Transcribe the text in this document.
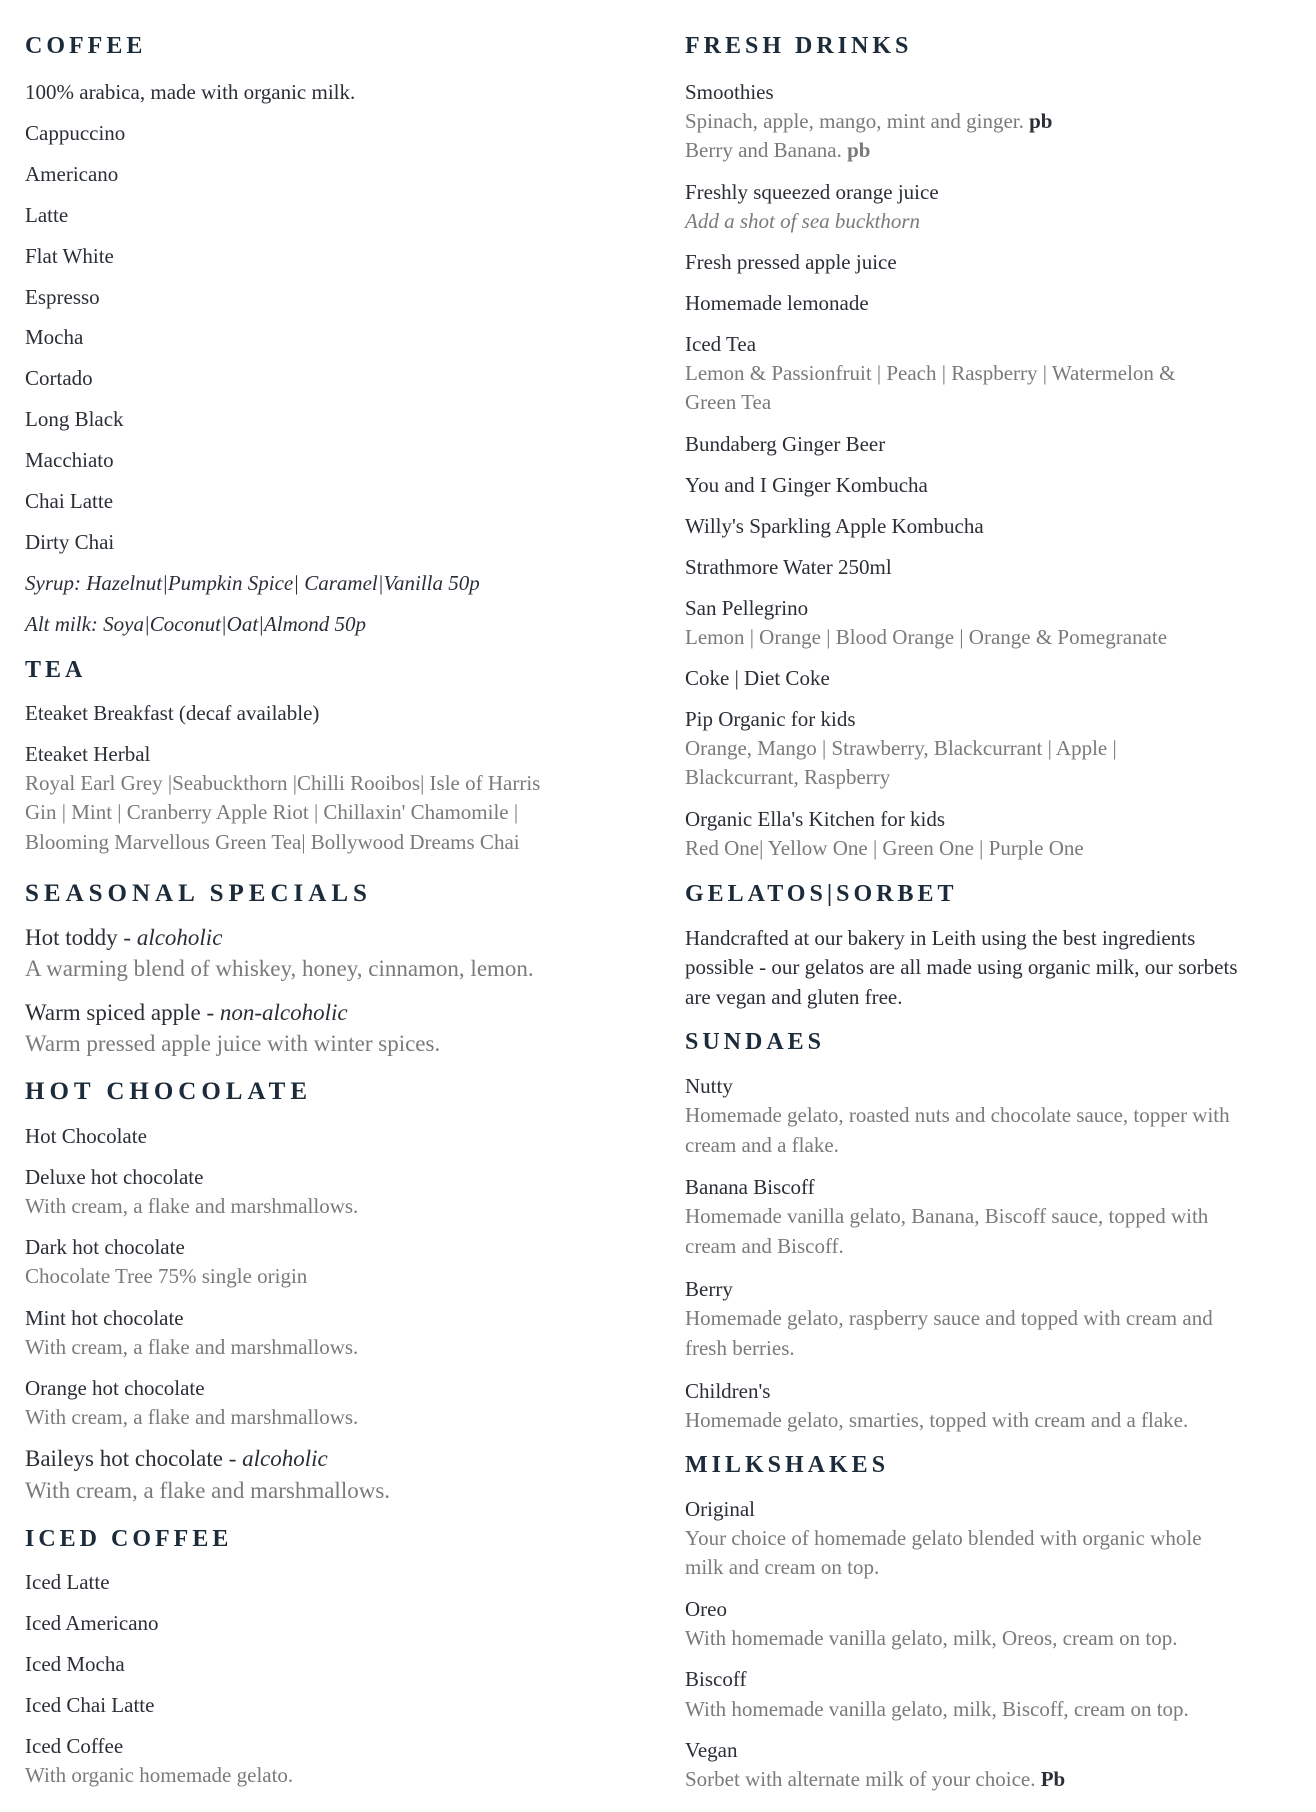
COFFEE
100% arabica, made with organic milk.
Cappuccino
Americano
Latte
Flat White
Espresso
Mocha
Cortado
Long Black
Macchiato
Chai Latte
Dirty Chai
Syrup: Hazelnut|Pumpkin Spice| Caramel|Vanilla 50p
Alt milk: Soya|Coconut|Oat|Almond 50p
TEA
Eteaket Breakfast (decaf available)
Eteaket Herbal
Royal Earl Grey |Seabuckthorn |Chilli Rooibos| Isle of Harris
Gin | Mint | Cranberry Apple Riot | Chillaxin' Chamomile |
Blooming Marvellous Green Tea| Bollywood Dreams Chai
SEASONAL SPECIALS
Hot toddy - alcoholic
A warming blend of whiskey, honey, cinnamon, lemon.
Warm spiced apple - non-alcoholic
Warm pressed apple juice with winter spices.
HOT CHOCOLATE
Hot Chocolate
Deluxe hot chocolate
With cream, a flake and marshmallows.
Dark hot chocolate
Chocolate Tree 75% single origin
Mint hot chocolate
With cream, a flake and marshmallows.
Orange hot chocolate
With cream, a flake and marshmallows.
Baileys hot chocolate - alcoholic
With cream, a flake and marshmallows.
ICED COFFEE
Iced Latte
Iced Americano
Iced Mocha
Iced Chai Latte
Iced Coffee
With organic homemade gelato.
FRESH DRINKS
Smoothies
Spinach, apple, mango, mint and ginger. pb
Berry and Banana. pb
Freshly squeezed orange juice
Add a shot of sea buckthorn
Fresh pressed apple juice
Homemade lemonade
Iced Tea
Lemon & Passionfruit | Peach | Raspberry | Watermelon &
Green Tea
Bundaberg Ginger Beer
You and I Ginger Kombucha
Willy's Sparkling Apple Kombucha
Strathmore Water 250ml
San Pellegrino
Lemon | Orange | Blood Orange | Orange & Pomegranate
Coke | Diet Coke
Pip Organic for kids
Orange, Mango | Strawberry, Blackcurrant | Apple |
Blackcurrant, Raspberry
Organic Ella's Kitchen for kids
Red One| Yellow One | Green One | Purple One
GELATOS|SORBET
Handcrafted at our bakery in Leith using the best ingredients
possible - our gelatos are all made using organic milk, our sorbets
are vegan and gluten free.
SUNDAES
Nutty
Homemade gelato, roasted nuts and chocolate sauce, topper with
cream and a flake.
Banana Biscoff
Homemade vanilla gelato, Banana, Biscoff sauce, topped with
cream and Biscoff.
Berry
Homemade gelato, raspberry sauce and topped with cream and
fresh berries.
Children's
Homemade gelato, smarties, topped with cream and a flake.
MILKSHAKES
Original
Your choice of homemade gelato blended with organic whole
milk and cream on top.
Oreo
With homemade vanilla gelato, milk, Oreos, cream on top.
Biscoff
With homemade vanilla gelato, milk, Biscoff, cream on top.
Vegan
Sorbet with alternate milk of your choice. Pb
